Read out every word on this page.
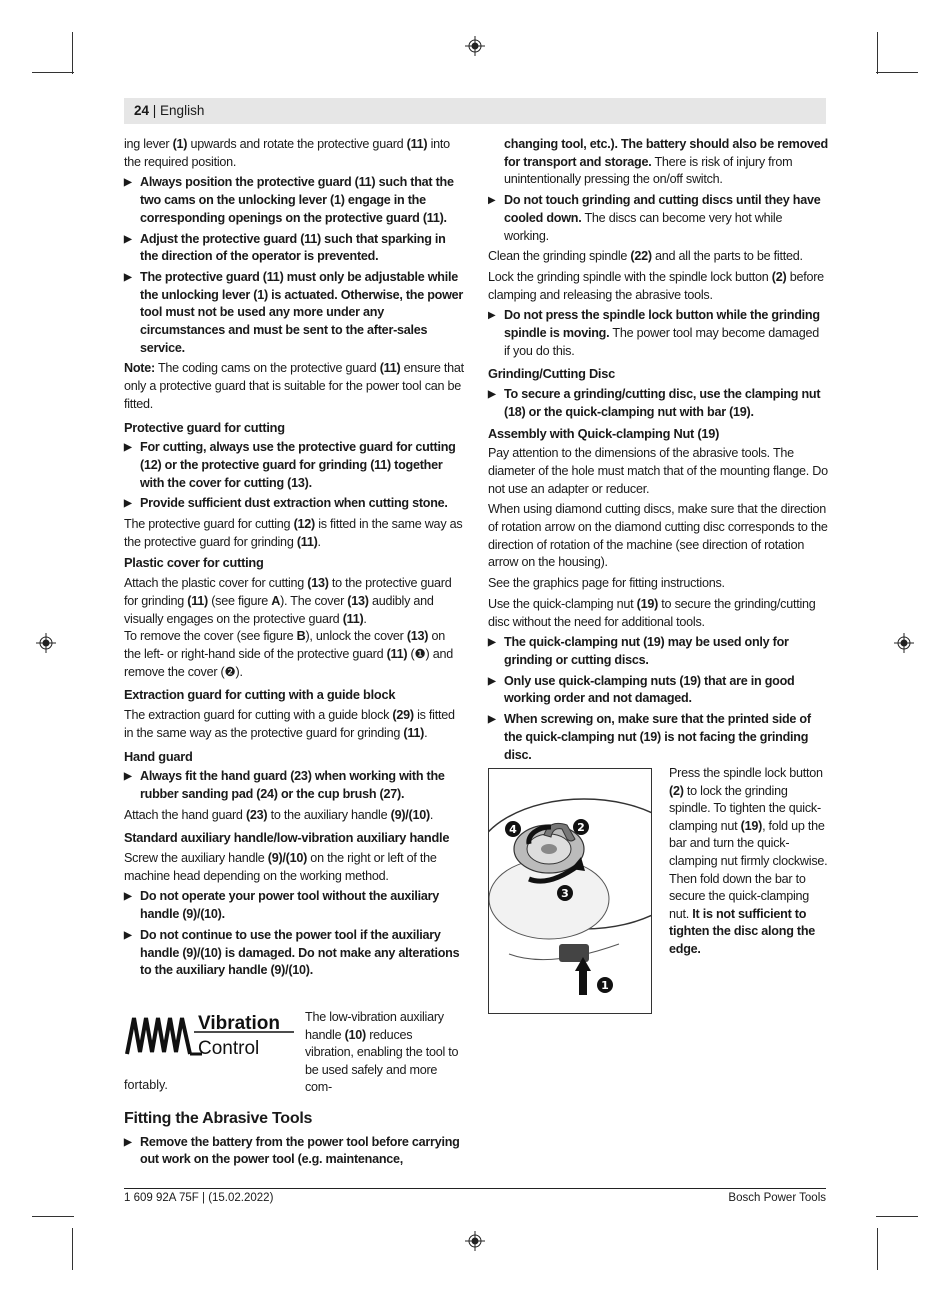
24 | English

ing lever (1) upwards and rotate the protective guard (11) into the required position.

▶ Always position the protective guard (11) such that the two cams on the unlocking lever (1) engage in the corresponding openings on the protective guard (11).
▶ Adjust the protective guard (11) such that sparking in the direction of the operator is prevented.
▶ The protective guard (11) must only be adjustable while the unlocking lever (1) is actuated. Otherwise, the power tool must not be used any more under any circumstances and must be sent to the after-sales service.

Note: The coding cams on the protective guard (11) ensure that only a protective guard that is suitable for the power tool can be fitted.

Protective guard for cutting
▶ For cutting, always use the protective guard for cutting (12) or the protective guard for grinding (11) together with the cover for cutting (13).
▶ Provide sufficient dust extraction when cutting stone.

The protective guard for cutting (12) is fitted in the same way as the protective guard for grinding (11).

Plastic cover for cutting

Attach the plastic cover for cutting (13) to the protective guard for grinding (11) (see figure A). The cover (13) audibly and visually engages on the protective guard (11).

To remove the cover (see figure B), unlock the cover (13) on the left- or right-hand side of the protective guard (11) (❶) and remove the cover (❷).

Extraction guard for cutting with a guide block

The extraction guard for cutting with a guide block (29) is fitted in the same way as the protective guard for grinding (11).

Hand guard
▶ Always fit the hand guard (23) when working with the rubber sanding pad (24) or the cup brush (27).

Attach the hand guard (23) to the auxiliary handle (9)/(10).

Standard auxiliary handle/low-vibration auxiliary handle

Screw the auxiliary handle (9)/(10) on the right or left of the machine head depending on the working method.

▶ Do not operate your power tool without the auxiliary handle (9)/(10).
▶ Do not continue to use the power tool if the auxiliary handle (9)/(10) is damaged. Do not make any alterations to the auxiliary handle (9)/(10).
Vibration
Control
The low-vibration auxiliary handle (10) reduces vibration, enabling the tool to be used safely and more com-
fortably.
Fitting the Abrasive Tools
▶ Remove the battery from the power tool before carrying out work on the power tool (e.g. maintenance,

changing tool, etc.). The battery should also be removed for transport and storage. There is risk of injury from unintentionally pressing the on/off switch.

▶ Do not touch grinding and cutting discs until they have cooled down. The discs can become very hot while working.

Clean the grinding spindle (22) and all the parts to be fitted.

Lock the grinding spindle with the spindle lock button (2) before clamping and releasing the abrasive tools.

▶ Do not press the spindle lock button while the grinding spindle is moving. The power tool may become damaged if you do this.
Grinding/Cutting Disc
▶ To secure a grinding/cutting disc, use the clamping nut (18) or the quick-clamping nut with bar (19).
Assembly with Quick-clamping Nut (19)

Pay attention to the dimensions of the abrasive tools. The diameter of the hole must match that of the mounting flange. Do not use an adapter or reducer.

When using diamond cutting discs, make sure that the direction of rotation arrow on the diamond cutting disc corresponds to the direction of rotation of the machine (see direction of rotation arrow on the housing).

See the graphics page for fitting instructions.

Use the quick-clamping nut (19) to secure the grinding/cutting disc without the need for additional tools.

▶ The quick-clamping nut (19) may be used only for grinding or cutting discs.
▶ Only use quick-clamping nuts (19) that are in good working order and not damaged.
▶ When screwing on, make sure that the printed side of the quick-clamping nut (19) is not facing the grinding disc.
4	2
3
1
Press the spindle lock button (2) to lock the grinding spindle. To tighten the quick-clamping nut (19), fold up the bar and turn the quick-clamping nut firmly clockwise. Then fold down the bar to secure the quick-clamping nut. It is not sufficient to tighten the disc along the edge.
1 609 92A 75F | (15.02.2022)	Bosch Power Tools
